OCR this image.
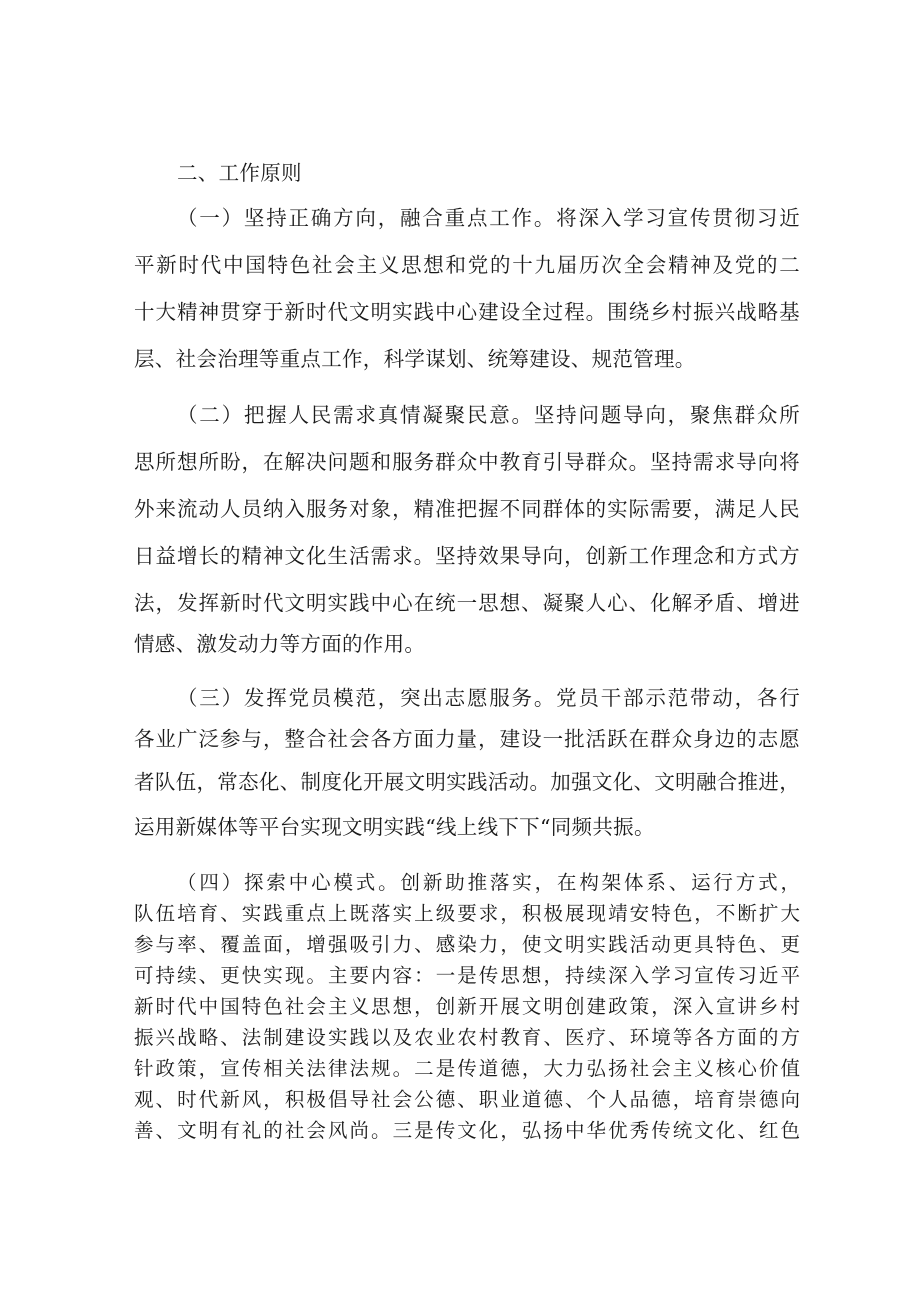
二、工作原则
（一）坚持正确方向，融合重点工作。将深入学习宣传贯彻习近
平新时代中国特色社会主义思想和党的十九届历次全会精神及党的二
十大精神贯穿于新时代文明实践中心建设全过程。围绕乡村振兴战略基
层、社会治理等重点工作，科学谋划、统筹建设、规范管理。
（二）把握人民需求真情凝聚民意。坚持问题导向，聚焦群众所
思所想所盼，在解决问题和服务群众中教育引导群众。坚持需求导向将
外来流动人员纳入服务对象，精准把握不同群体的实际需要，满足人民
日益增长的精神文化生活需求。坚持效果导向，创新工作理念和方式方
法，发挥新时代文明实践中心在统一思想、凝聚人心、化解矛盾、增进
情感、激发动力等方面的作用。
（三）发挥党员模范，突出志愿服务。党员干部示范带动，各行
各业广泛参与，整合社会各方面力量，建设一批活跃在群众身边的志愿
者队伍，常态化、制度化开展文明实践活动。加强文化、文明融合推进，
运用新媒体等平台实现文明实践“线上线下下“同频共振。
（四）探索中心模式。创新助推落实，在构架体系、运行方式，
队伍培育、实践重点上既落实上级要求，积极展现靖安特色，不断扩大
参与率、覆盖面，增强吸引力、感染力，使文明实践活动更具特色、更
可持续、更快实现。主要内容：一是传思想，持续深入学习宣传习近平
新时代中国特色社会主义思想，创新开展文明创建政策，深入宣讲乡村
振兴战略、法制建设实践以及农业农村教育、医疗、环境等各方面的方
针政策，宣传相关法律法规。二是传道德，大力弘扬社会主义核心价值
观、时代新风，积极倡导社会公德、职业道德、个人品德，培育崇德向
善、文明有礼的社会风尚。三是传文化，弘扬中华优秀传统文化、红色
